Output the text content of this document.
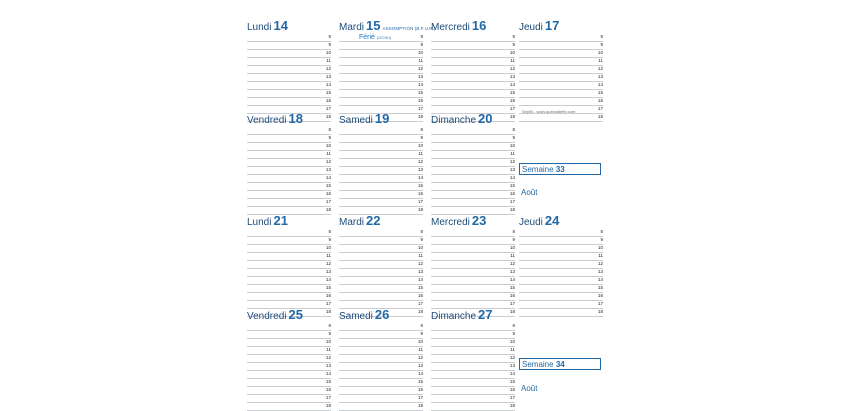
Lundi 14
8
9
10
11
12
13
14
15
16
17
18
Mardi 15 ASSOMPTION (B.F.U.R.)
8
9
10
11
12
13
14
15
16
17
18
Férié (GOSU)
Mercredi 16
8
9
10
11
12
13
14
15
16
17
18
Jeudi 17
8
9
10
11
12
13
14
15
16
17
18
Vendredi 18
8
9
10
11
12
13
14
15
16
17
18
Samedi 19
8
9
10
11
12
13
14
15
16
17
18
Dimanche 20
8
9
10
11
12
13
14
15
16
17
18
Semaine 33
Août
Lundi 21
8
9
10
11
12
13
14
15
16
17
18
Mardi 22
8
9
10
11
12
13
14
15
16
17
18
Mercredi 23
8
9
10
11
12
13
14
15
16
17
18
Jeudi 24
8
9
10
11
12
13
14
15
16
17
18
Vendredi 25
8
9
10
11
12
13
14
15
16
17
18
Samedi 26
8
9
10
11
12
13
14
15
16
17
18
Dimanche 27
8
9
10
11
12
13
14
15
16
17
18
Semaine 34
Août
Septill - www.quelvadefte.com
